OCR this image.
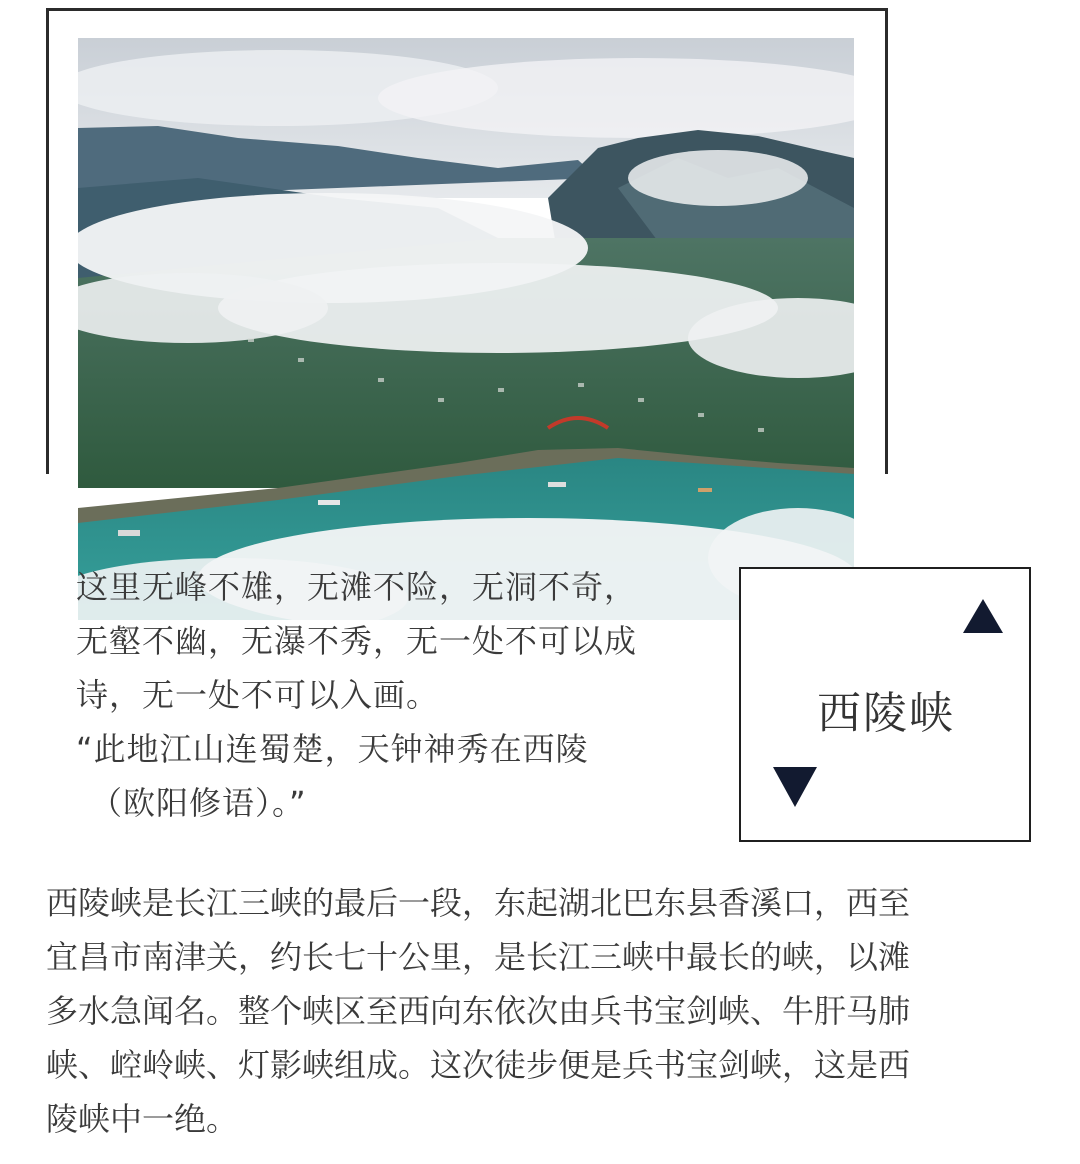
这里无峰不雄，无滩不险，无洞不奇，
无壑不幽，无瀑不秀，无一处不可以成
诗，无一处不可以入画。
“此地江山连蜀楚，天钟神秀在西陵
（欧阳修语）。”
西陵峡
西陵峡是长江三峡的最后一段，东起湖北巴东县香溪口，西至
宜昌市南津关，约长七十公里，是长江三峡中最长的峡，以滩
多水急闻名。整个峡区至西向东依次由兵书宝剑峡、牛肝马肺
峡、崆岭峡、灯影峡组成。这次徒步便是兵书宝剑峡，这是西
陵峡中一绝。
